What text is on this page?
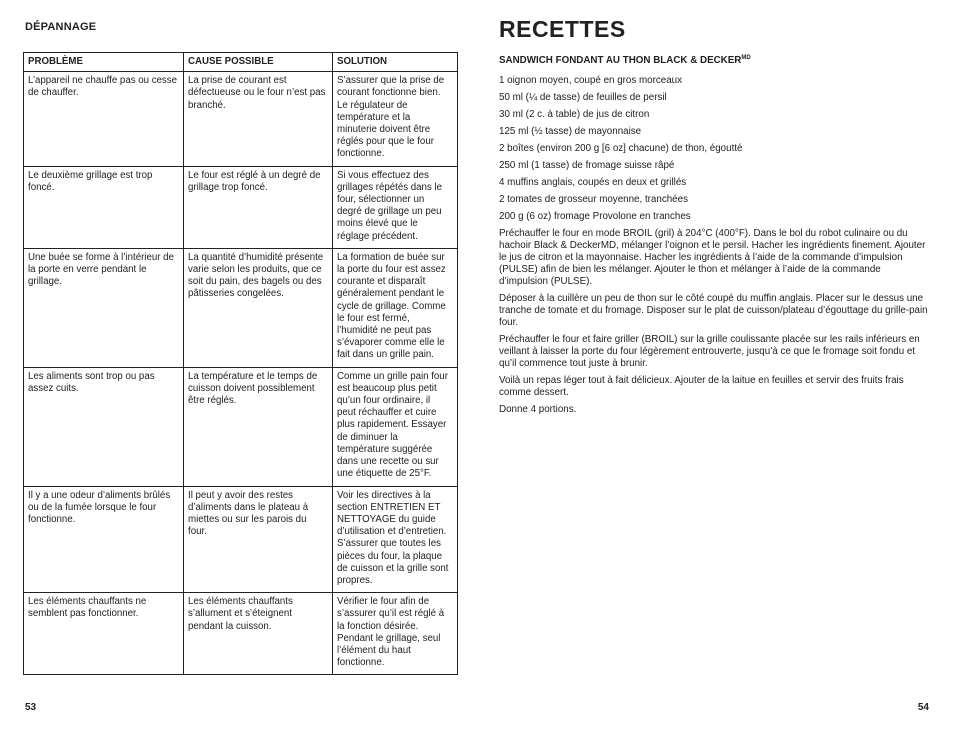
DÉPANNAGE
PROBLÈME	CAUSE POSSIBLE	SOLUTION
L’appareil ne chauffe pas ou cesse de chauffer.	La prise de courant est défectueuse ou le four n’est pas branché.	S’assurer que la prise de courant fonctionne bien. Le régulateur de température et la minuterie doivent être réglés pour que le four fonctionne.
Le deuxième grillage est trop foncé.	Le four est réglé à un degré de grillage trop foncé.	Si vous effectuez des grillages répétés dans le four, sélectionner un degré de grillage un peu moins élevé que le réglage précédent.
Une buée se forme à l’intérieur de la porte en verre pendant le grillage.	La quantité d’humidité présente varie selon les produits, que ce soit du pain, des bagels ou des pâtisseries congelées.	La formation de buée sur la porte du four est assez courante et disparaît généralement pendant le cycle de grillage. Comme le four est fermé, l’humidité ne peut pas s’évaporer comme elle le fait dans un grille pain.
Les aliments sont trop ou pas assez cuits.	La température et le temps de cuisson doivent possiblement être réglés.	Comme un grille pain four est beaucoup plus petit qu’un four ordinaire, il peut réchauffer et cuire plus rapidement. Essayer de diminuer la température suggérée dans une recette ou sur une étiquette de 25°F.
Il y a une odeur d’aliments brûlés ou de la fumée lorsque le four fonctionne.	Il peut y avoir des restes d’aliments dans le plateau à miettes ou sur les parois du four.	Voir les directives à la section ENTRETIEN ET NETTOYAGE du guide d’utilisation et d’entretien. S’assurer que toutes les pièces du four, la plaque de cuisson et la grille sont propres.
Les éléments chauffants ne semblent pas fonctionner.	Les éléments chauffants s’allument et s’éteignent pendant la cuisson.	Vérifier le four afin de s’assurer qu’il est réglé à la fonction désirée. Pendant le grillage, seul l’élément du haut fonctionne.
53
RECETTES
SANDWICH FONDANT AU THON BLACK & $DECKER^{MD}$
1 oignon moyen, coupé en gros morceaux
50 ml (¼ de tasse) de feuilles de persil
30 ml (2 c. à table) de jus de citron
125 ml (½ tasse) de mayonnaise
2 boîtes (environ 200 g [6 oz] chacune) de thon, égoutté
250 ml (1 tasse) de fromage suisse râpé
4 muffins anglais, coupés en deux et grillés
2 tomates de grosseur moyenne, tranchées
200 g (6 oz) fromage Provolone en tranches
Préchauffer le four en mode BROIL (gril) à 204°C (400°F). Dans le bol du robot culinaire ou du hachoir Black & DeckerMD, mélanger l’oignon et le persil. Hacher les ingrédients finement. Ajouter le jus de citron et la mayonnaise. Hacher les ingrédients à l’aide de la commande d’impulsion (PULSE) afin de bien les mélanger. Ajouter le thon et mélanger à l’aide de la commande d’impulsion (PULSE).
Déposer à la cuillère un peu de thon sur le côté coupé du muffin anglais. Placer sur le dessus une tranche de tomate et du fromage. Disposer sur le plat de cuisson/plateau d’égouttage du grille-pain four.
Préchauffer le four et faire griller (BROIL) sur la grille coulissante placée sur les rails inférieurs en veillant à laisser la porte du four légèrement entrouverte, jusqu’à ce que le fromage soit fondu et qu’il commence tout juste à brunir.
Voilà un repas léger tout à fait délicieux. Ajouter de la laitue en feuilles et servir des fruits frais comme dessert.
Donne 4 portions.
54
